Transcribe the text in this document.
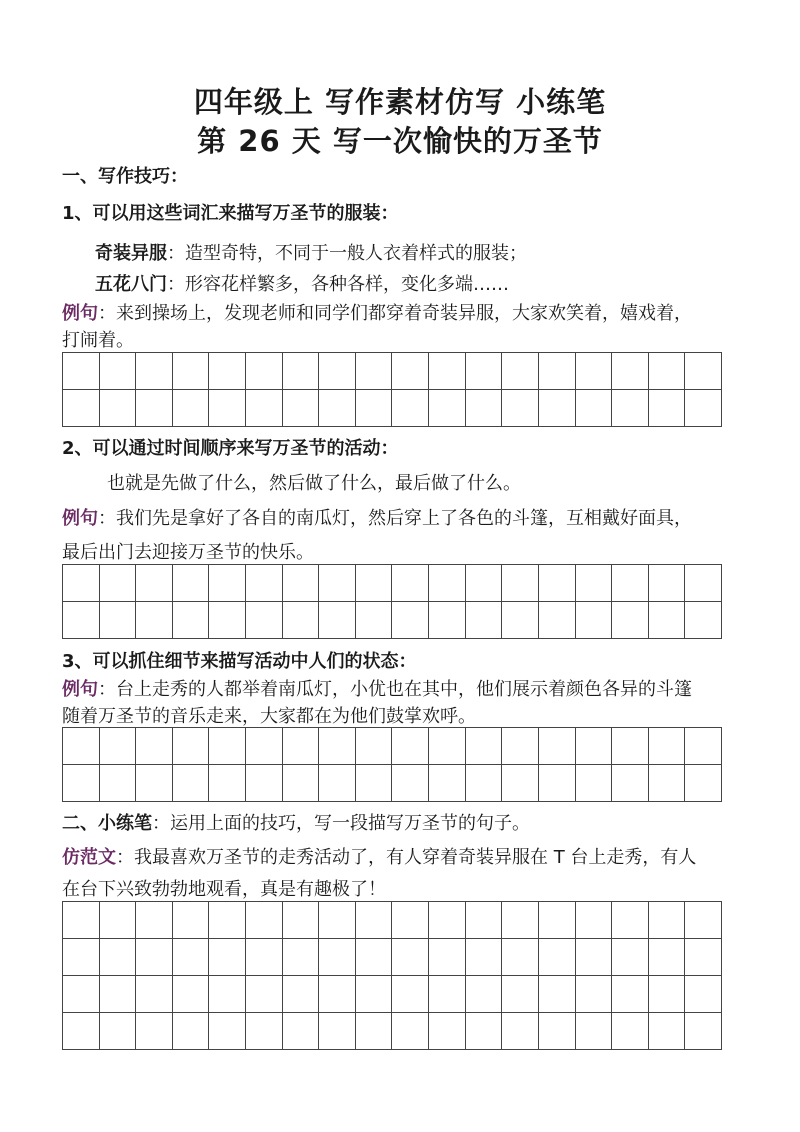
四年级上 写作素材仿写 小练笔
第 26 天 写一次愉快的万圣节
一、写作技巧：
1、可以用这些词汇来描写万圣节的服装：
奇装异服：造型奇特，不同于一般人衣着样式的服装；
五花八门：形容花样繁多，各种各样，变化多端……
例句：来到操场上，发现老师和同学们都穿着奇装异服，大家欢笑着，嬉戏着，
打闹着。
2、可以通过时间顺序来写万圣节的活动：
也就是先做了什么，然后做了什么，最后做了什么。
例句：我们先是拿好了各自的南瓜灯，然后穿上了各色的斗篷，互相戴好面具，
最后出门去迎接万圣节的快乐。
3、可以抓住细节来描写活动中人们的状态：
例句：台上走秀的人都举着南瓜灯，小优也在其中，他们展示着颜色各异的斗篷
随着万圣节的音乐走来，大家都在为他们鼓掌欢呼。
二、小练笔：运用上面的技巧，写一段描写万圣节的句子。
仿范文：我最喜欢万圣节的走秀活动了，有人穿着奇装异服在 T 台上走秀，有人
在台下兴致勃勃地观看，真是有趣极了！
